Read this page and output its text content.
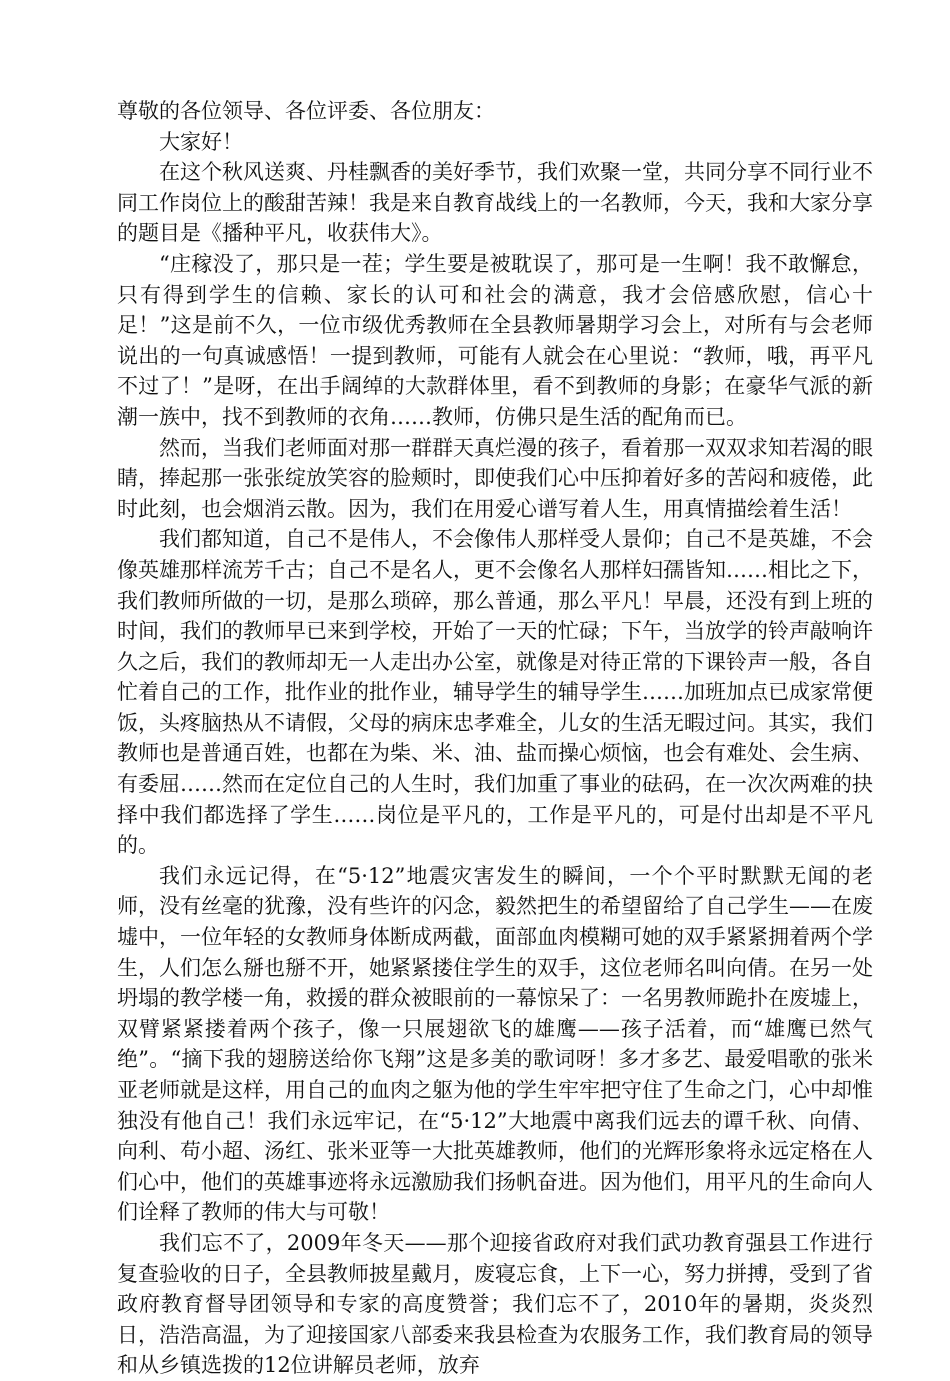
尊敬的各位领导、各位评委、各位朋友：

大家好！

在这个秋风送爽、丹桂飘香的美好季节，我们欢聚一堂，共同分享不同行业不同工作岗位上的酸甜苦辣！我是来自教育战线上的一名教师，今天，我和大家分享的题目是《播种平凡，收获伟大》。

“庄稼没了，那只是一茬；学生要是被耽误了，那可是一生啊！我不敢懈怠，只有得到学生的信赖、家长的认可和社会的满意，我才会倍感欣慰，信心十足！”这是前不久，一位市级优秀教师在全县教师暑期学习会上，对所有与会老师说出的一句真诚感悟！一提到教师，可能有人就会在心里说：“教师，哦，再平凡不过了！”是呀，在出手阔绰的大款群体里，看不到教师的身影；在豪华气派的新潮一族中，找不到教师的衣角……教师，仿佛只是生活的配角而已。

然而，当我们老师面对那一群群天真烂漫的孩子，看着那一双双求知若渴的眼睛，捧起那一张张绽放笑容的脸颊时，即使我们心中压抑着好多的苦闷和疲倦，此时此刻，也会烟消云散。因为，我们在用爱心谱写着人生，用真情描绘着生活！

我们都知道，自己不是伟人，不会像伟人那样受人景仰；自己不是英雄，不会像英雄那样流芳千古；自己不是名人，更不会像名人那样妇孺皆知……相比之下，我们教师所做的一切，是那么琐碎，那么普通，那么平凡！早晨，还没有到上班的时间，我们的教师早已来到学校，开始了一天的忙碌；下午，当放学的铃声敲响许久之后，我们的教师却无一人走出办公室，就像是对待正常的下课铃声一般，各自忙着自己的工作，批作业的批作业，辅导学生的辅导学生……加班加点已成家常便饭，头疼脑热从不请假，父母的病床忠孝难全，儿女的生活无暇过问。其实，我们教师也是普通百姓，也都在为柴、米、油、盐而操心烦恼，也会有难处、会生病、有委屈……然而在定位自己的人生时，我们加重了事业的砝码，在一次次两难的抉择中我们都选择了学生……岗位是平凡的，工作是平凡的，可是付出却是不平凡的。

我们永远记得，在“5·12”地震灾害发生的瞬间，一个个平时默默无闻的老师，没有丝毫的犹豫，没有些许的闪念，毅然把生的希望留给了自己学生——在废墟中，一位年轻的女教师身体断成两截，面部血肉模糊可她的双手紧紧拥着两个学生，人们怎么掰也掰不开，她紧紧搂住学生的双手，这位老师名叫向倩。在另一处坍塌的教学楼一角，救援的群众被眼前的一幕惊呆了：一名男教师跪扑在废墟上，双臂紧紧搂着两个孩子，像一只展翅欲飞的雄鹰——孩子活着，而“雄鹰已然气绝”。“摘下我的翅膀送给你飞翔”这是多美的歌词呀！多才多艺、最爱唱歌的张米亚老师就是这样，用自己的血肉之躯为他的学生牢牢把守住了生命之门，心中却惟独没有他自己！我们永远牢记，在“5·12”大地震中离我们远去的谭千秋、向倩、向利、苟小超、汤红、张米亚等一大批英雄教师，他们的光辉形象将永远定格在人们心中，他们的英雄事迹将永远激励我们扬帆奋进。因为他们，用平凡的生命向人们诠释了教师的伟大与可敬！

我们忘不了，2009年冬天——那个迎接省政府对我们武功教育强县工作进行复查验收的日子，全县教师披星戴月，废寝忘食，上下一心，努力拼搏，受到了省政府教育督导团领导和专家的高度赞誉；我们忘不了，2010年的暑期，炎炎烈日，浩浩高温，为了迎接国家八部委来我县检查为农服务工作，我们教育局的领导和从乡镇选拨的12位讲解员老师，放弃
